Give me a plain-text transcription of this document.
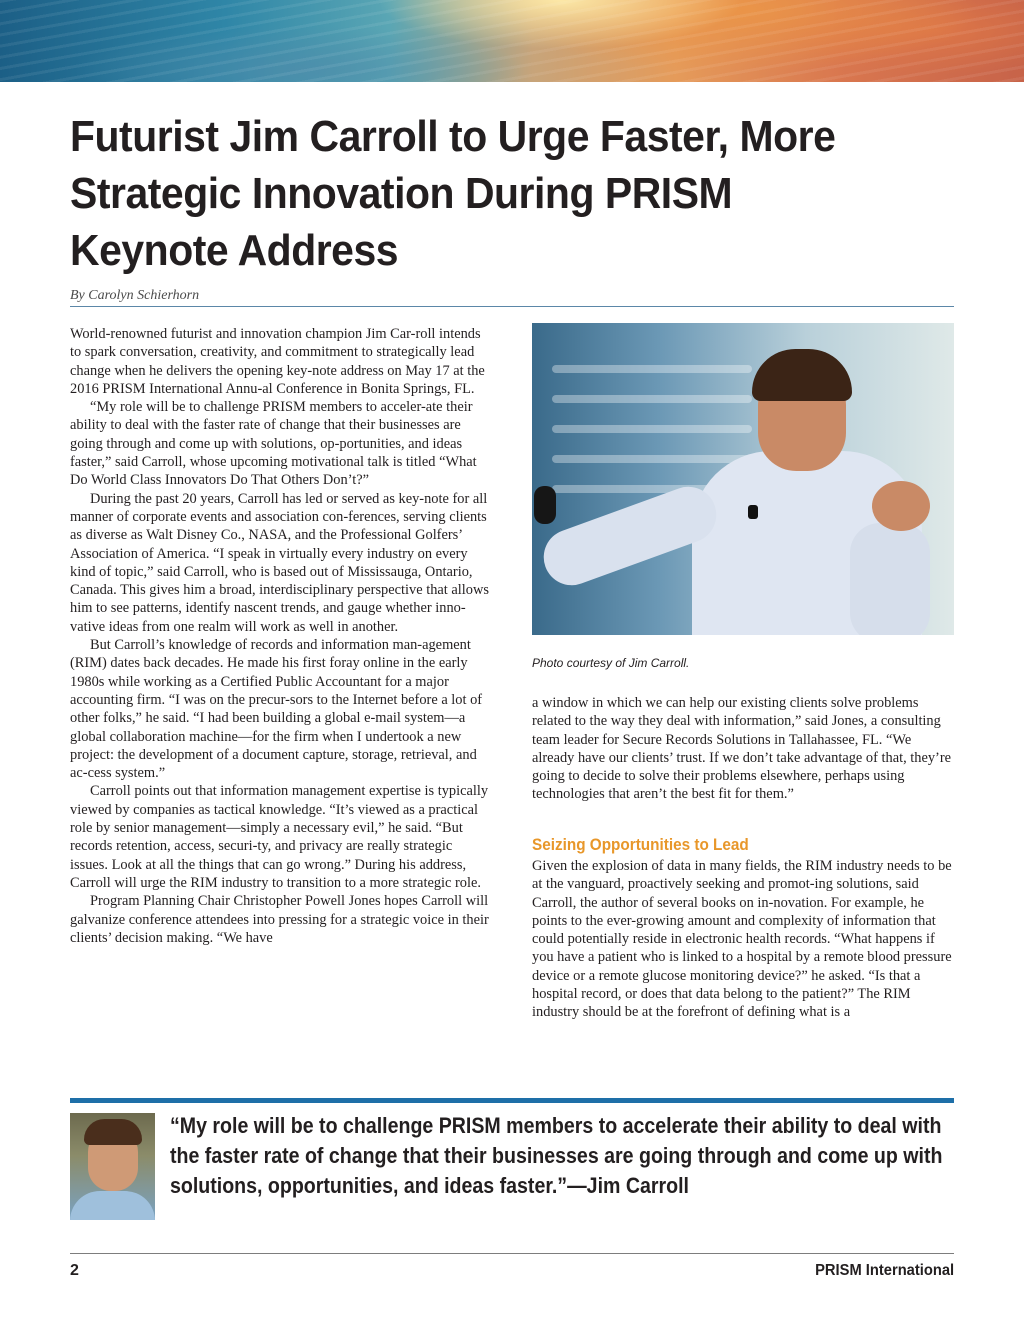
Futurist Jim Carroll to Urge Faster, More Strategic Innovation During PRISM Keynote Address
By Carolyn Schierhorn

World-renowned futurist and innovation champion Jim Car-roll intends to spark conversation, creativity, and commitment to strategically lead change when he delivers the opening key-note address on May 17 at the 2016 PRISM International Annu-al Conference in Bonita Springs, FL.

“My role will be to challenge PRISM members to acceler-ate their ability to deal with the faster rate of change that their businesses are going through and come up with solutions, op-portunities, and ideas faster,” said Carroll, whose upcoming motivational talk is titled “What Do World Class Innovators Do That Others Don’t?”

During the past 20 years, Carroll has led or served as key-note for all manner of corporate events and association con-ferences, serving clients as diverse as Walt Disney Co., NASA, and the Professional Golfers’ Association of America. “I speak in virtually every industry on every kind of topic,” said Carroll, who is based out of Mississauga, Ontario, Canada. This gives him a broad, interdisciplinary perspective that allows him to see patterns, identify nascent trends, and gauge whether inno-vative ideas from one realm will work as well in another.

But Carroll’s knowledge of records and information man-agement (RIM) dates back decades. He made his first foray online in the early 1980s while working as a Certified Public Accountant for a major accounting firm. “I was on the precur-sors to the Internet before a lot of other folks,” he said. “I had been building a global e-mail system—a global collaboration machine—for the firm when I undertook a new project: the development of a document capture, storage, retrieval, and ac-cess system.”

Carroll points out that information management expertise is typically viewed by companies as tactical knowledge. “It’s viewed as a practical role by senior management—simply a necessary evil,” he said. “But records retention, access, securi-ty, and privacy are really strategic issues. Look at all the things that can go wrong.” During his address, Carroll will urge the RIM industry to transition to a more strategic role.

Program Planning Chair Christopher Powell Jones hopes Carroll will galvanize conference attendees into pressing for a strategic voice in their clients’ decision making. “We have

Photo courtesy of Jim Carroll.

a window in which we can help our existing clients solve problems related to the way they deal with information,” said Jones, a consulting team leader for Secure Records Solutions in Tallahassee, FL. “We already have our clients’ trust. If we don’t take advantage of that, they’re going to decide to solve their problems elsewhere, perhaps using technologies that aren’t the best fit for them.”

Seizing Opportunities to Lead

Given the explosion of data in many fields, the RIM industry needs to be at the vanguard, proactively seeking and promot-ing solutions, said Carroll, the author of several books on in-novation. For example, he points to the ever-growing amount and complexity of information that could potentially reside in electronic health records. “What happens if you have a patient who is linked to a hospital by a remote blood pressure device or a remote glucose monitoring device?” he asked. “Is that a hospital record, or does that data belong to the patient?” The RIM industry should be at the forefront of defining what is a

“My role will be to challenge PRISM members to accelerate their ability to deal with the faster rate of change that their businesses are going through and come up with solutions, opportunities, and ideas faster.”—Jim Carroll

2	PRISM International
